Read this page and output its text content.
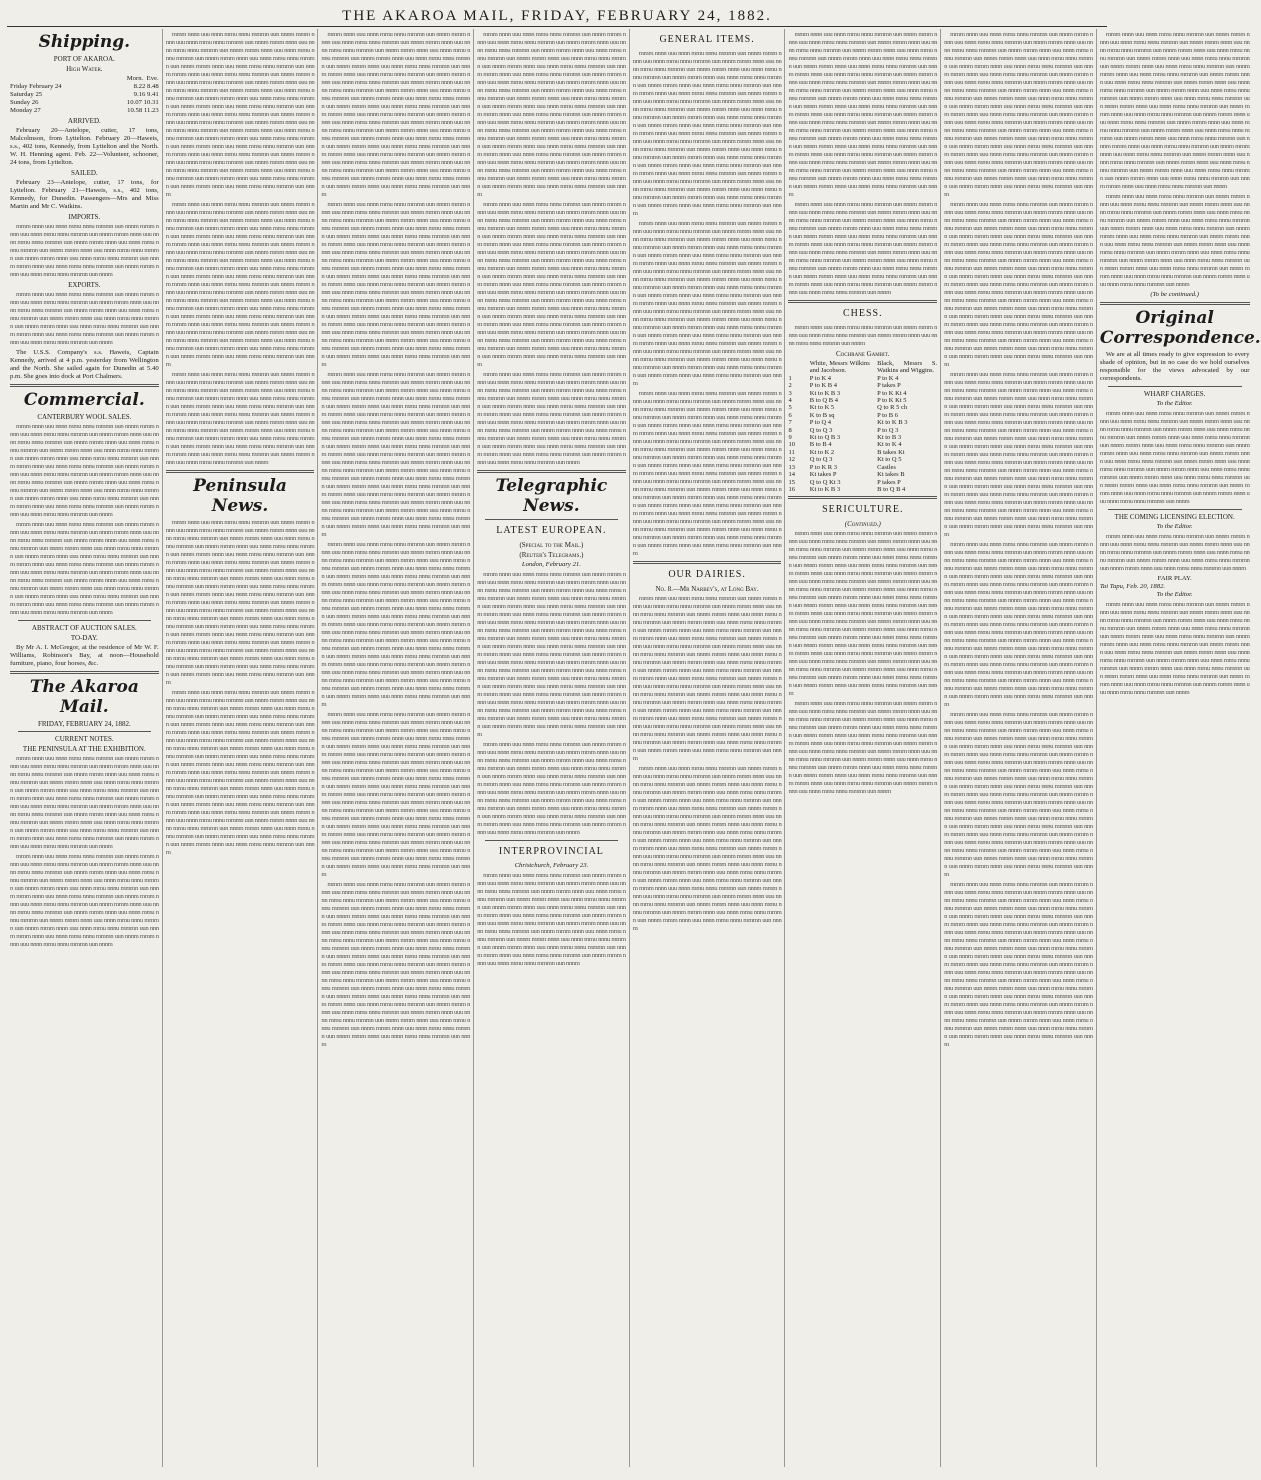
THE AKAROA MAIL, FRIDAY, FEBRUARY 24, 1882.
Shipping.
PORT OF AKAROA.
High Water.
Morn. Eve.
Friday February 24	8.22 8.48
Saturday 25	9.16 9.41
Sunday 26	10.07 10.31
Monday 27	10.58 11.23
ARRIVED.
February 20—Antelope, cutter, 17 tons, Malcolmson, from Lyttelton. February 20—Haweis, s.s., 402 tons, Kennedy, from Lyttelton and the North. W. H. Henning agent. Feb. 22—Volunteer, schooner, 24 tons, from Lyttelton.
SAILED.
February 23—Antelope, cutter, 17 tons, for Lyttelton. February 21—Haweis, s.s., 402 tons, Kennedy, for Dunedin. Passengers—Mrs and Miss Martin and Mr C. Watkins.
IMPORTS.
mmm nnnn uuu nnnn mmu nnnu mmmn uun nnnm mmm nnnn uuu nnnn mmu nnnu mmmn uun nnnm mmm nnnn uuu nnnn mmu nnnu mmmn uun nnnm mmm nnnn uuu nnnn mmu nnnu mmmn uun nnnm mmm nnnn uuu nnnn mmu nnnu mmmn uun nnnm mmm nnnn uuu nnnn mmu nnnu mmmn uun nnnm mmm nnnn uuu nnnn mmu nnnu mmmn uun nnnm mmm nnnn uuu nnnn mmu nnnu mmmn uun nnnm
EXPORTS.
mmm nnnn uuu nnnn mmu nnnu mmmn uun nnnm mmm nnnn uuu nnnn mmu nnnu mmmn uun nnnm mmm nnnn uuu nnnn mmu nnnu mmmn uun nnnm mmm nnnn uuu nnnn mmu nnnu mmmn uun nnnm mmm nnnn uuu nnnn mmu nnnu mmmn uun nnnm mmm nnnn uuu nnnn mmu nnnu mmmn uun nnnm mmm nnnn uuu nnnn mmu nnnu mmmn uun nnnm mmm nnnn uuu nnnn mmu nnnu mmmn uun nnnm
The U.S.S. Company's s.s. Haweis, Captain Kennedy, arrived at 4 p.m. yesterday from Wellington and the North. She sailed again for Dunedin at 5.40 p.m. She goes into dock at Port Chalmers.
Commercial.
CANTERBURY WOOL SALES.
mmm nnnn uuu nnnn mmu nnnu mmmn uun nnnm mmm nnnn uuu nnnn mmu nnnu mmmn uun nnnm mmm nnnn uuu nnnn mmu nnnu mmmn uun nnnm mmm nnnn uuu nnnn mmu nnnu mmmn uun nnnm mmm nnnn uuu nnnn mmu nnnu mmmn uun nnnm mmm nnnn uuu nnnn mmu nnnu mmmn uun nnnm mmm nnnn uuu nnnn mmu nnnu mmmn uun nnnm mmm nnnn uuu nnnn mmu nnnu mmmn uun nnnm mmm nnnn uuu nnnn mmu nnnu mmmn uun nnnm mmm nnnn uuu nnnn mmu nnnu mmmn uun nnnm mmm nnnn uuu nnnn mmu nnnu mmmn uun nnnm mmm nnnn uuu nnnn mmu nnnu mmmn uun nnnm mmm nnnn uuu nnnn mmu nnnu mmmn uun nnnm mmm nnnn uuu nnnn mmu nnnu mmmn uun nnnm
mmm nnnn uuu nnnn mmu nnnu mmmn uun nnnm mmm nnnn uuu nnnn mmu nnnu mmmn uun nnnm mmm nnnn uuu nnnn mmu nnnu mmmn uun nnnm mmm nnnn uuu nnnn mmu nnnu mmmn uun nnnm mmm nnnn uuu nnnn mmu nnnu mmmn uun nnnm mmm nnnn uuu nnnn mmu nnnu mmmn uun nnnm mmm nnnn uuu nnnn mmu nnnu mmmn uun nnnm mmm nnnn uuu nnnn mmu nnnu mmmn uun nnnm mmm nnnn uuu nnnn mmu nnnu mmmn uun nnnm mmm nnnn uuu nnnn mmu nnnu mmmn uun nnnm mmm nnnn uuu nnnn mmu nnnu mmmn uun nnnm mmm nnnn uuu nnnn mmu nnnu mmmn uun nnnm mmm nnnn uuu nnnn mmu nnnu mmmn uun nnnm mmm nnnn uuu nnnn mmu nnnu mmmn uun nnnm
ABSTRACT OF AUCTION SALES.
TO-DAY.
By Mr A. I. McGregor, at the residence of Mr W. F. Williams, Robinson's Bay, at noon—Household furniture, piano, four horses, &c.
The Akaroa Mail.
FRIDAY, FEBRUARY 24, 1882.
CURRENT NOTES.
THE PENINSULA AT THE EXHIBITION.
mmm nnnn uuu nnnn mmu nnnu mmmn uun nnnm mmm nnnn uuu nnnn mmu nnnu mmmn uun nnnm mmm nnnn uuu nnnn mmu nnnu mmmn uun nnnm mmm nnnn uuu nnnn mmu nnnu mmmn uun nnnm mmm nnnn uuu nnnn mmu nnnu mmmn uun nnnm mmm nnnn uuu nnnn mmu nnnu mmmn uun nnnm mmm nnnn uuu nnnn mmu nnnu mmmn uun nnnm mmm nnnn uuu nnnn mmu nnnu mmmn uun nnnm mmm nnnn uuu nnnn mmu nnnu mmmn uun nnnm mmm nnnn uuu nnnn mmu nnnu mmmn uun nnnm mmm nnnn uuu nnnn mmu nnnu mmmn uun nnnm mmm nnnn uuu nnnn mmu nnnu mmmn uun nnnm mmm nnnn uuu nnnn mmu nnnu mmmn uun nnnm mmm nnnn uuu nnnn mmu nnnu mmmn uun nnnm
mmm nnnn uuu nnnn mmu nnnu mmmn uun nnnm mmm nnnn uuu nnnn mmu nnnu mmmn uun nnnm mmm nnnn uuu nnnn mmu nnnu mmmn uun nnnm mmm nnnn uuu nnnn mmu nnnu mmmn uun nnnm mmm nnnn uuu nnnn mmu nnnu mmmn uun nnnm mmm nnnn uuu nnnn mmu nnnu mmmn uun nnnm mmm nnnn uuu nnnn mmu nnnu mmmn uun nnnm mmm nnnn uuu nnnn mmu nnnu mmmn uun nnnm mmm nnnn uuu nnnn mmu nnnu mmmn uun nnnm mmm nnnn uuu nnnn mmu nnnu mmmn uun nnnm mmm nnnn uuu nnnn mmu nnnu mmmn uun nnnm mmm nnnn uuu nnnn mmu nnnu mmmn uun nnnm mmm nnnn uuu nnnn mmu nnnu mmmn uun nnnm mmm nnnn uuu nnnn mmu nnnu mmmn uun nnnm
mmm nnnn uuu nnnn mmu nnnu mmmn uun nnnm mmm nnnn uuu nnnn mmu nnnu mmmn uun nnnm mmm nnnn uuu nnnn mmu nnnu mmmn uun nnnm mmm nnnn uuu nnnn mmu nnnu mmmn uun nnnm mmm nnnn uuu nnnn mmu nnnu mmmn uun nnnm mmm nnnn uuu nnnn mmu nnnu mmmn uun nnnm mmm nnnn uuu nnnn mmu nnnu mmmn uun nnnm mmm nnnn uuu nnnn mmu nnnu mmmn uun nnnm mmm nnnn uuu nnnn mmu nnnu mmmn uun nnnm mmm nnnn uuu nnnn mmu nnnu mmmn uun nnnm mmm nnnn uuu nnnn mmu nnnu mmmn uun nnnm mmm nnnn uuu nnnn mmu nnnu mmmn uun nnnm mmm nnnn uuu nnnn mmu nnnu mmmn uun nnnm mmm nnnn uuu nnnn mmu nnnu mmmn uun nnnm mmm nnnn uuu nnnn mmu nnnu mmmn uun nnnm mmm nnnn uuu nnnn mmu nnnu mmmn uun nnnm mmm nnnn uuu nnnn mmu nnnu mmmn uun nnnm mmm nnnn uuu nnnn mmu nnnu mmmn uun nnnm mmm nnnn uuu nnnn mmu nnnu mmmn uun nnnm mmm nnnn uuu nnnn mmu nnnu mmmn uun nnnm mmm nnnn uuu nnnn mmu nnnu mmmn uun nnnm mmm nnnn uuu nnnn mmu nnnu mmmn uun nnnm mmm nnnn uuu nnnn mmu nnnu mmmn uun nnnm mmm nnnn uuu nnnn mmu nnnu mmmn uun nnnm
mmm nnnn uuu nnnn mmu nnnu mmmn uun nnnm mmm nnnn uuu nnnn mmu nnnu mmmn uun nnnm mmm nnnn uuu nnnn mmu nnnu mmmn uun nnnm mmm nnnn uuu nnnn mmu nnnu mmmn uun nnnm mmm nnnn uuu nnnn mmu nnnu mmmn uun nnnm mmm nnnn uuu nnnn mmu nnnu mmmn uun nnnm mmm nnnn uuu nnnn mmu nnnu mmmn uun nnnm mmm nnnn uuu nnnn mmu nnnu mmmn uun nnnm mmm nnnn uuu nnnn mmu nnnu mmmn uun nnnm mmm nnnn uuu nnnn mmu nnnu mmmn uun nnnm mmm nnnn uuu nnnn mmu nnnu mmmn uun nnnm mmm nnnn uuu nnnn mmu nnnu mmmn uun nnnm mmm nnnn uuu nnnn mmu nnnu mmmn uun nnnm mmm nnnn uuu nnnn mmu nnnu mmmn uun nnnm mmm nnnn uuu nnnn mmu nnnu mmmn uun nnnm mmm nnnn uuu nnnn mmu nnnu mmmn uun nnnm mmm nnnn uuu nnnn mmu nnnu mmmn uun nnnm mmm nnnn uuu nnnn mmu nnnu mmmn uun nnnm mmm nnnn uuu nnnn mmu nnnu mmmn uun nnnm mmm nnnn uuu nnnn mmu nnnu mmmn uun nnnm mmm nnnn uuu nnnn mmu nnnu mmmn uun nnnm mmm nnnn uuu nnnn mmu nnnu mmmn uun nnnm mmm nnnn uuu nnnn mmu nnnu mmmn uun nnnm mmm nnnn uuu nnnn mmu nnnu mmmn uun nnnm
mmm nnnn uuu nnnn mmu nnnu mmmn uun nnnm mmm nnnn uuu nnnn mmu nnnu mmmn uun nnnm mmm nnnn uuu nnnn mmu nnnu mmmn uun nnnm mmm nnnn uuu nnnn mmu nnnu mmmn uun nnnm mmm nnnn uuu nnnn mmu nnnu mmmn uun nnnm mmm nnnn uuu nnnn mmu nnnu mmmn uun nnnm mmm nnnn uuu nnnn mmu nnnu mmmn uun nnnm mmm nnnn uuu nnnn mmu nnnu mmmn uun nnnm mmm nnnn uuu nnnn mmu nnnu mmmn uun nnnm mmm nnnn uuu nnnn mmu nnnu mmmn uun nnnm mmm nnnn uuu nnnn mmu nnnu mmmn uun nnnm mmm nnnn uuu nnnn mmu nnnu mmmn uun nnnm mmm nnnn uuu nnnn mmu nnnu mmmn uun nnnm mmm nnnn uuu nnnn mmu nnnu mmmn uun nnnm
Peninsula News.
mmm nnnn uuu nnnn mmu nnnu mmmn uun nnnm mmm nnnn uuu nnnn mmu nnnu mmmn uun nnnm mmm nnnn uuu nnnn mmu nnnu mmmn uun nnnm mmm nnnn uuu nnnn mmu nnnu mmmn uun nnnm mmm nnnn uuu nnnn mmu nnnu mmmn uun nnnm mmm nnnn uuu nnnn mmu nnnu mmmn uun nnnm mmm nnnn uuu nnnn mmu nnnu mmmn uun nnnm mmm nnnn uuu nnnn mmu nnnu mmmn uun nnnm mmm nnnn uuu nnnn mmu nnnu mmmn uun nnnm mmm nnnn uuu nnnn mmu nnnu mmmn uun nnnm mmm nnnn uuu nnnn mmu nnnu mmmn uun nnnm mmm nnnn uuu nnnn mmu nnnu mmmn uun nnnm mmm nnnn uuu nnnn mmu nnnu mmmn uun nnnm mmm nnnn uuu nnnn mmu nnnu mmmn uun nnnm mmm nnnn uuu nnnn mmu nnnu mmmn uun nnnm mmm nnnn uuu nnnn mmu nnnu mmmn uun nnnm mmm nnnn uuu nnnn mmu nnnu mmmn uun nnnm mmm nnnn uuu nnnn mmu nnnu mmmn uun nnnm mmm nnnn uuu nnnn mmu nnnu mmmn uun nnnm mmm nnnn uuu nnnn mmu nnnu mmmn uun nnnm mmm nnnn uuu nnnn mmu nnnu mmmn uun nnnm mmm nnnn uuu nnnn mmu nnnu mmmn uun nnnm mmm nnnn uuu nnnn mmu nnnu mmmn uun nnnm mmm nnnn uuu nnnn mmu nnnu mmmn uun nnnm
mmm nnnn uuu nnnn mmu nnnu mmmn uun nnnm mmm nnnn uuu nnnn mmu nnnu mmmn uun nnnm mmm nnnn uuu nnnn mmu nnnu mmmn uun nnnm mmm nnnn uuu nnnn mmu nnnu mmmn uun nnnm mmm nnnn uuu nnnn mmu nnnu mmmn uun nnnm mmm nnnn uuu nnnn mmu nnnu mmmn uun nnnm mmm nnnn uuu nnnn mmu nnnu mmmn uun nnnm mmm nnnn uuu nnnn mmu nnnu mmmn uun nnnm mmm nnnn uuu nnnn mmu nnnu mmmn uun nnnm mmm nnnn uuu nnnn mmu nnnu mmmn uun nnnm mmm nnnn uuu nnnn mmu nnnu mmmn uun nnnm mmm nnnn uuu nnnn mmu nnnu mmmn uun nnnm mmm nnnn uuu nnnn mmu nnnu mmmn uun nnnm mmm nnnn uuu nnnn mmu nnnu mmmn uun nnnm mmm nnnn uuu nnnn mmu nnnu mmmn uun nnnm mmm nnnn uuu nnnn mmu nnnu mmmn uun nnnm mmm nnnn uuu nnnn mmu nnnu mmmn uun nnnm mmm nnnn uuu nnnn mmu nnnu mmmn uun nnnm mmm nnnn uuu nnnn mmu nnnu mmmn uun nnnm mmm nnnn uuu nnnn mmu nnnu mmmn uun nnnm mmm nnnn uuu nnnn mmu nnnu mmmn uun nnnm mmm nnnn uuu nnnn mmu nnnu mmmn uun nnnm mmm nnnn uuu nnnn mmu nnnu mmmn uun nnnm mmm nnnn uuu nnnn mmu nnnu mmmn uun nnnm
mmm nnnn uuu nnnn mmu nnnu mmmn uun nnnm mmm nnnn uuu nnnn mmu nnnu mmmn uun nnnm mmm nnnn uuu nnnn mmu nnnu mmmn uun nnnm mmm nnnn uuu nnnn mmu nnnu mmmn uun nnnm mmm nnnn uuu nnnn mmu nnnu mmmn uun nnnm mmm nnnn uuu nnnn mmu nnnu mmmn uun nnnm mmm nnnn uuu nnnn mmu nnnu mmmn uun nnnm mmm nnnn uuu nnnn mmu nnnu mmmn uun nnnm mmm nnnn uuu nnnn mmu nnnu mmmn uun nnnm mmm nnnn uuu nnnn mmu nnnu mmmn uun nnnm mmm nnnn uuu nnnn mmu nnnu mmmn uun nnnm mmm nnnn uuu nnnn mmu nnnu mmmn uun nnnm mmm nnnn uuu nnnn mmu nnnu mmmn uun nnnm mmm nnnn uuu nnnn mmu nnnu mmmn uun nnnm mmm nnnn uuu nnnn mmu nnnu mmmn uun nnnm mmm nnnn uuu nnnn mmu nnnu mmmn uun nnnm mmm nnnn uuu nnnn mmu nnnu mmmn uun nnnm mmm nnnn uuu nnnn mmu nnnu mmmn uun nnnm mmm nnnn uuu nnnn mmu nnnu mmmn uun nnnm mmm nnnn uuu nnnn mmu nnnu mmmn uun nnnm mmm nnnn uuu nnnn mmu nnnu mmmn uun nnnm mmm nnnn uuu nnnn mmu nnnu mmmn uun nnnm mmm nnnn uuu nnnn mmu nnnu mmmn uun nnnm mmm nnnn uuu nnnn mmu nnnu mmmn uun nnnm
mmm nnnn uuu nnnn mmu nnnu mmmn uun nnnm mmm nnnn uuu nnnn mmu nnnu mmmn uun nnnm mmm nnnn uuu nnnn mmu nnnu mmmn uun nnnm mmm nnnn uuu nnnn mmu nnnu mmmn uun nnnm mmm nnnn uuu nnnn mmu nnnu mmmn uun nnnm mmm nnnn uuu nnnn mmu nnnu mmmn uun nnnm mmm nnnn uuu nnnn mmu nnnu mmmn uun nnnm mmm nnnn uuu nnnn mmu nnnu mmmn uun nnnm mmm nnnn uuu nnnn mmu nnnu mmmn uun nnnm mmm nnnn uuu nnnn mmu nnnu mmmn uun nnnm mmm nnnn uuu nnnn mmu nnnu mmmn uun nnnm mmm nnnn uuu nnnn mmu nnnu mmmn uun nnnm mmm nnnn uuu nnnn mmu nnnu mmmn uun nnnm mmm nnnn uuu nnnn mmu nnnu mmmn uun nnnm mmm nnnn uuu nnnn mmu nnnu mmmn uun nnnm mmm nnnn uuu nnnn mmu nnnu mmmn uun nnnm mmm nnnn uuu nnnn mmu nnnu mmmn uun nnnm mmm nnnn uuu nnnn mmu nnnu mmmn uun nnnm mmm nnnn uuu nnnn mmu nnnu mmmn uun nnnm mmm nnnn uuu nnnn mmu nnnu mmmn uun nnnm mmm nnnn uuu nnnn mmu nnnu mmmn uun nnnm mmm nnnn uuu nnnn mmu nnnu mmmn uun nnnm mmm nnnn uuu nnnn mmu nnnu mmmn uun nnnm mmm nnnn uuu nnnn mmu nnnu mmmn uun nnnm
mmm nnnn uuu nnnn mmu nnnu mmmn uun nnnm mmm nnnn uuu nnnn mmu nnnu mmmn uun nnnm mmm nnnn uuu nnnn mmu nnnu mmmn uun nnnm mmm nnnn uuu nnnn mmu nnnu mmmn uun nnnm mmm nnnn uuu nnnn mmu nnnu mmmn uun nnnm mmm nnnn uuu nnnn mmu nnnu mmmn uun nnnm mmm nnnn uuu nnnn mmu nnnu mmmn uun nnnm mmm nnnn uuu nnnn mmu nnnu mmmn uun nnnm mmm nnnn uuu nnnn mmu nnnu mmmn uun nnnm mmm nnnn uuu nnnn mmu nnnu mmmn uun nnnm mmm nnnn uuu nnnn mmu nnnu mmmn uun nnnm mmm nnnn uuu nnnn mmu nnnu mmmn uun nnnm mmm nnnn uuu nnnn mmu nnnu mmmn uun nnnm mmm nnnn uuu nnnn mmu nnnu mmmn uun nnnm mmm nnnn uuu nnnn mmu nnnu mmmn uun nnnm mmm nnnn uuu nnnn mmu nnnu mmmn uun nnnm mmm nnnn uuu nnnn mmu nnnu mmmn uun nnnm mmm nnnn uuu nnnn mmu nnnu mmmn uun nnnm mmm nnnn uuu nnnn mmu nnnu mmmn uun nnnm mmm nnnn uuu nnnn mmu nnnu mmmn uun nnnm mmm nnnn uuu nnnn mmu nnnu mmmn uun nnnm mmm nnnn uuu nnnn mmu nnnu mmmn uun nnnm mmm nnnn uuu nnnn mmu nnnu mmmn uun nnnm mmm nnnn uuu nnnn mmu nnnu mmmn uun nnnm
mmm nnnn uuu nnnn mmu nnnu mmmn uun nnnm mmm nnnn uuu nnnn mmu nnnu mmmn uun nnnm mmm nnnn uuu nnnn mmu nnnu mmmn uun nnnm mmm nnnn uuu nnnn mmu nnnu mmmn uun nnnm mmm nnnn uuu nnnn mmu nnnu mmmn uun nnnm mmm nnnn uuu nnnn mmu nnnu mmmn uun nnnm mmm nnnn uuu nnnn mmu nnnu mmmn uun nnnm mmm nnnn uuu nnnn mmu nnnu mmmn uun nnnm mmm nnnn uuu nnnn mmu nnnu mmmn uun nnnm mmm nnnn uuu nnnn mmu nnnu mmmn uun nnnm mmm nnnn uuu nnnn mmu nnnu mmmn uun nnnm mmm nnnn uuu nnnn mmu nnnu mmmn uun nnnm mmm nnnn uuu nnnn mmu nnnu mmmn uun nnnm mmm nnnn uuu nnnn mmu nnnu mmmn uun nnnm mmm nnnn uuu nnnn mmu nnnu mmmn uun nnnm mmm nnnn uuu nnnn mmu nnnu mmmn uun nnnm mmm nnnn uuu nnnn mmu nnnu mmmn uun nnnm mmm nnnn uuu nnnn mmu nnnu mmmn uun nnnm mmm nnnn uuu nnnn mmu nnnu mmmn uun nnnm mmm nnnn uuu nnnn mmu nnnu mmmn uun nnnm mmm nnnn uuu nnnn mmu nnnu mmmn uun nnnm mmm nnnn uuu nnnn mmu nnnu mmmn uun nnnm mmm nnnn uuu nnnn mmu nnnu mmmn uun nnnm mmm nnnn uuu nnnn mmu nnnu mmmn uun nnnm
mmm nnnn uuu nnnn mmu nnnu mmmn uun nnnm mmm nnnn uuu nnnn mmu nnnu mmmn uun nnnm mmm nnnn uuu nnnn mmu nnnu mmmn uun nnnm mmm nnnn uuu nnnn mmu nnnu mmmn uun nnnm mmm nnnn uuu nnnn mmu nnnu mmmn uun nnnm mmm nnnn uuu nnnn mmu nnnu mmmn uun nnnm mmm nnnn uuu nnnn mmu nnnu mmmn uun nnnm mmm nnnn uuu nnnn mmu nnnu mmmn uun nnnm mmm nnnn uuu nnnn mmu nnnu mmmn uun nnnm mmm nnnn uuu nnnn mmu nnnu mmmn uun nnnm mmm nnnn uuu nnnn mmu nnnu mmmn uun nnnm mmm nnnn uuu nnnn mmu nnnu mmmn uun nnnm mmm nnnn uuu nnnn mmu nnnu mmmn uun nnnm mmm nnnn uuu nnnn mmu nnnu mmmn uun nnnm mmm nnnn uuu nnnn mmu nnnu mmmn uun nnnm mmm nnnn uuu nnnn mmu nnnu mmmn uun nnnm mmm nnnn uuu nnnn mmu nnnu mmmn uun nnnm mmm nnnn uuu nnnn mmu nnnu mmmn uun nnnm mmm nnnn uuu nnnn mmu nnnu mmmn uun nnnm mmm nnnn uuu nnnn mmu nnnu mmmn uun nnnm mmm nnnn uuu nnnn mmu nnnu mmmn uun nnnm mmm nnnn uuu nnnn mmu nnnu mmmn uun nnnm mmm nnnn uuu nnnn mmu nnnu mmmn uun nnnm mmm nnnn uuu nnnn mmu nnnu mmmn uun nnnm
mmm nnnn uuu nnnn mmu nnnu mmmn uun nnnm mmm nnnn uuu nnnn mmu nnnu mmmn uun nnnm mmm nnnn uuu nnnn mmu nnnu mmmn uun nnnm mmm nnnn uuu nnnn mmu nnnu mmmn uun nnnm mmm nnnn uuu nnnn mmu nnnu mmmn uun nnnm mmm nnnn uuu nnnn mmu nnnu mmmn uun nnnm mmm nnnn uuu nnnn mmu nnnu mmmn uun nnnm mmm nnnn uuu nnnn mmu nnnu mmmn uun nnnm mmm nnnn uuu nnnn mmu nnnu mmmn uun nnnm mmm nnnn uuu nnnn mmu nnnu mmmn uun nnnm mmm nnnn uuu nnnn mmu nnnu mmmn uun nnnm mmm nnnn uuu nnnn mmu nnnu mmmn uun nnnm mmm nnnn uuu nnnn mmu nnnu mmmn uun nnnm mmm nnnn uuu nnnn mmu nnnu mmmn uun nnnm mmm nnnn uuu nnnn mmu nnnu mmmn uun nnnm mmm nnnn uuu nnnn mmu nnnu mmmn uun nnnm mmm nnnn uuu nnnn mmu nnnu mmmn uun nnnm mmm nnnn uuu nnnn mmu nnnu mmmn uun nnnm mmm nnnn uuu nnnn mmu nnnu mmmn uun nnnm mmm nnnn uuu nnnn mmu nnnu mmmn uun nnnm mmm nnnn uuu nnnn mmu nnnu mmmn uun nnnm mmm nnnn uuu nnnn mmu nnnu mmmn uun nnnm mmm nnnn uuu nnnn mmu nnnu mmmn uun nnnm mmm nnnn uuu nnnn mmu nnnu mmmn uun nnnm
mmm nnnn uuu nnnn mmu nnnu mmmn uun nnnm mmm nnnn uuu nnnn mmu nnnu mmmn uun nnnm mmm nnnn uuu nnnn mmu nnnu mmmn uun nnnm mmm nnnn uuu nnnn mmu nnnu mmmn uun nnnm mmm nnnn uuu nnnn mmu nnnu mmmn uun nnnm mmm nnnn uuu nnnn mmu nnnu mmmn uun nnnm mmm nnnn uuu nnnn mmu nnnu mmmn uun nnnm mmm nnnn uuu nnnn mmu nnnu mmmn uun nnnm mmm nnnn uuu nnnn mmu nnnu mmmn uun nnnm mmm nnnn uuu nnnn mmu nnnu mmmn uun nnnm mmm nnnn uuu nnnn mmu nnnu mmmn uun nnnm mmm nnnn uuu nnnn mmu nnnu mmmn uun nnnm mmm nnnn uuu nnnn mmu nnnu mmmn uun nnnm mmm nnnn uuu nnnn mmu nnnu mmmn uun nnnm mmm nnnn uuu nnnn mmu nnnu mmmn uun nnnm mmm nnnn uuu nnnn mmu nnnu mmmn uun nnnm mmm nnnn uuu nnnn mmu nnnu mmmn uun nnnm mmm nnnn uuu nnnn mmu nnnu mmmn uun nnnm mmm nnnn uuu nnnn mmu nnnu mmmn uun nnnm mmm nnnn uuu nnnn mmu nnnu mmmn uun nnnm mmm nnnn uuu nnnn mmu nnnu mmmn uun nnnm mmm nnnn uuu nnnn mmu nnnu mmmn uun nnnm mmm nnnn uuu nnnn mmu nnnu mmmn uun nnnm mmm nnnn uuu nnnn mmu nnnu mmmn uun nnnm
mmm nnnn uuu nnnn mmu nnnu mmmn uun nnnm mmm nnnn uuu nnnn mmu nnnu mmmn uun nnnm mmm nnnn uuu nnnn mmu nnnu mmmn uun nnnm mmm nnnn uuu nnnn mmu nnnu mmmn uun nnnm mmm nnnn uuu nnnn mmu nnnu mmmn uun nnnm mmm nnnn uuu nnnn mmu nnnu mmmn uun nnnm mmm nnnn uuu nnnn mmu nnnu mmmn uun nnnm mmm nnnn uuu nnnn mmu nnnu mmmn uun nnnm mmm nnnn uuu nnnn mmu nnnu mmmn uun nnnm mmm nnnn uuu nnnn mmu nnnu mmmn uun nnnm mmm nnnn uuu nnnn mmu nnnu mmmn uun nnnm mmm nnnn uuu nnnn mmu nnnu mmmn uun nnnm mmm nnnn uuu nnnn mmu nnnu mmmn uun nnnm mmm nnnn uuu nnnn mmu nnnu mmmn uun nnnm mmm nnnn uuu nnnn mmu nnnu mmmn uun nnnm mmm nnnn uuu nnnn mmu nnnu mmmn uun nnnm mmm nnnn uuu nnnn mmu nnnu mmmn uun nnnm mmm nnnn uuu nnnn mmu nnnu mmmn uun nnnm mmm nnnn uuu nnnn mmu nnnu mmmn uun nnnm mmm nnnn uuu nnnn mmu nnnu mmmn uun nnnm mmm nnnn uuu nnnn mmu nnnu mmmn uun nnnm mmm nnnn uuu nnnn mmu nnnu mmmn uun nnnm mmm nnnn uuu nnnn mmu nnnu mmmn uun nnnm mmm nnnn uuu nnnn mmu nnnu mmmn uun nnnm
mmm nnnn uuu nnnn mmu nnnu mmmn uun nnnm mmm nnnn uuu nnnn mmu nnnu mmmn uun nnnm mmm nnnn uuu nnnn mmu nnnu mmmn uun nnnm mmm nnnn uuu nnnn mmu nnnu mmmn uun nnnm mmm nnnn uuu nnnn mmu nnnu mmmn uun nnnm mmm nnnn uuu nnnn mmu nnnu mmmn uun nnnm mmm nnnn uuu nnnn mmu nnnu mmmn uun nnnm mmm nnnn uuu nnnn mmu nnnu mmmn uun nnnm mmm nnnn uuu nnnn mmu nnnu mmmn uun nnnm mmm nnnn uuu nnnn mmu nnnu mmmn uun nnnm mmm nnnn uuu nnnn mmu nnnu mmmn uun nnnm mmm nnnn uuu nnnn mmu nnnu mmmn uun nnnm mmm nnnn uuu nnnn mmu nnnu mmmn uun nnnm mmm nnnn uuu nnnn mmu nnnu mmmn uun nnnm
Telegraphic News.
LATEST EUROPEAN.
(Special to the Mail.)
(Reuter's Telegrams.)
London, February 21.
mmm nnnn uuu nnnn mmu nnnu mmmn uun nnnm mmm nnnn uuu nnnn mmu nnnu mmmn uun nnnm mmm nnnn uuu nnnn mmu nnnu mmmn uun nnnm mmm nnnn uuu nnnn mmu nnnu mmmn uun nnnm mmm nnnn uuu nnnn mmu nnnu mmmn uun nnnm mmm nnnn uuu nnnn mmu nnnu mmmn uun nnnm mmm nnnn uuu nnnn mmu nnnu mmmn uun nnnm mmm nnnn uuu nnnn mmu nnnu mmmn uun nnnm mmm nnnn uuu nnnn mmu nnnu mmmn uun nnnm mmm nnnn uuu nnnn mmu nnnu mmmn uun nnnm mmm nnnn uuu nnnn mmu nnnu mmmn uun nnnm mmm nnnn uuu nnnn mmu nnnu mmmn uun nnnm mmm nnnn uuu nnnn mmu nnnu mmmn uun nnnm mmm nnnn uuu nnnn mmu nnnu mmmn uun nnnm mmm nnnn uuu nnnn mmu nnnu mmmn uun nnnm mmm nnnn uuu nnnn mmu nnnu mmmn uun nnnm mmm nnnn uuu nnnn mmu nnnu mmmn uun nnnm mmm nnnn uuu nnnn mmu nnnu mmmn uun nnnm mmm nnnn uuu nnnn mmu nnnu mmmn uun nnnm mmm nnnn uuu nnnn mmu nnnu mmmn uun nnnm mmm nnnn uuu nnnn mmu nnnu mmmn uun nnnm mmm nnnn uuu nnnn mmu nnnu mmmn uun nnnm mmm nnnn uuu nnnn mmu nnnu mmmn uun nnnm mmm nnnn uuu nnnn mmu nnnu mmmn uun nnnm
mmm nnnn uuu nnnn mmu nnnu mmmn uun nnnm mmm nnnn uuu nnnn mmu nnnu mmmn uun nnnm mmm nnnn uuu nnnn mmu nnnu mmmn uun nnnm mmm nnnn uuu nnnn mmu nnnu mmmn uun nnnm mmm nnnn uuu nnnn mmu nnnu mmmn uun nnnm mmm nnnn uuu nnnn mmu nnnu mmmn uun nnnm mmm nnnn uuu nnnn mmu nnnu mmmn uun nnnm mmm nnnn uuu nnnn mmu nnnu mmmn uun nnnm mmm nnnn uuu nnnn mmu nnnu mmmn uun nnnm mmm nnnn uuu nnnn mmu nnnu mmmn uun nnnm mmm nnnn uuu nnnn mmu nnnu mmmn uun nnnm mmm nnnn uuu nnnn mmu nnnu mmmn uun nnnm mmm nnnn uuu nnnn mmu nnnu mmmn uun nnnm mmm nnnn uuu nnnn mmu nnnu mmmn uun nnnm
INTERPROVINCIAL
Christchurch, February 23.
mmm nnnn uuu nnnn mmu nnnu mmmn uun nnnm mmm nnnn uuu nnnn mmu nnnu mmmn uun nnnm mmm nnnn uuu nnnn mmu nnnu mmmn uun nnnm mmm nnnn uuu nnnn mmu nnnu mmmn uun nnnm mmm nnnn uuu nnnn mmu nnnu mmmn uun nnnm mmm nnnn uuu nnnn mmu nnnu mmmn uun nnnm mmm nnnn uuu nnnn mmu nnnu mmmn uun nnnm mmm nnnn uuu nnnn mmu nnnu mmmn uun nnnm mmm nnnn uuu nnnn mmu nnnu mmmn uun nnnm mmm nnnn uuu nnnn mmu nnnu mmmn uun nnnm mmm nnnn uuu nnnn mmu nnnu mmmn uun nnnm mmm nnnn uuu nnnn mmu nnnu mmmn uun nnnm mmm nnnn uuu nnnn mmu nnnu mmmn uun nnnm mmm nnnn uuu nnnn mmu nnnu mmmn uun nnnm
GENERAL ITEMS.
mmm nnnn uuu nnnn mmu nnnu mmmn uun nnnm mmm nnnn uuu nnnn mmu nnnu mmmn uun nnnm mmm nnnn uuu nnnn mmu nnnu mmmn uun nnnm mmm nnnn uuu nnnn mmu nnnu mmmn uun nnnm mmm nnnn uuu nnnn mmu nnnu mmmn uun nnnm mmm nnnn uuu nnnn mmu nnnu mmmn uun nnnm mmm nnnn uuu nnnn mmu nnnu mmmn uun nnnm mmm nnnn uuu nnnn mmu nnnu mmmn uun nnnm mmm nnnn uuu nnnn mmu nnnu mmmn uun nnnm mmm nnnn uuu nnnn mmu nnnu mmmn uun nnnm mmm nnnn uuu nnnn mmu nnnu mmmn uun nnnm mmm nnnn uuu nnnn mmu nnnu mmmn uun nnnm mmm nnnn uuu nnnn mmu nnnu mmmn uun nnnm mmm nnnn uuu nnnn mmu nnnu mmmn uun nnnm mmm nnnn uuu nnnn mmu nnnu mmmn uun nnnm mmm nnnn uuu nnnn mmu nnnu mmmn uun nnnm mmm nnnn uuu nnnn mmu nnnu mmmn uun nnnm mmm nnnn uuu nnnn mmu nnnu mmmn uun nnnm mmm nnnn uuu nnnn mmu nnnu mmmn uun nnnm mmm nnnn uuu nnnn mmu nnnu mmmn uun nnnm mmm nnnn uuu nnnn mmu nnnu mmmn uun nnnm mmm nnnn uuu nnnn mmu nnnu mmmn uun nnnm mmm nnnn uuu nnnn mmu nnnu mmmn uun nnnm mmm nnnn uuu nnnn mmu nnnu mmmn uun nnnm
mmm nnnn uuu nnnn mmu nnnu mmmn uun nnnm mmm nnnn uuu nnnn mmu nnnu mmmn uun nnnm mmm nnnn uuu nnnn mmu nnnu mmmn uun nnnm mmm nnnn uuu nnnn mmu nnnu mmmn uun nnnm mmm nnnn uuu nnnn mmu nnnu mmmn uun nnnm mmm nnnn uuu nnnn mmu nnnu mmmn uun nnnm mmm nnnn uuu nnnn mmu nnnu mmmn uun nnnm mmm nnnn uuu nnnn mmu nnnu mmmn uun nnnm mmm nnnn uuu nnnn mmu nnnu mmmn uun nnnm mmm nnnn uuu nnnn mmu nnnu mmmn uun nnnm mmm nnnn uuu nnnn mmu nnnu mmmn uun nnnm mmm nnnn uuu nnnn mmu nnnu mmmn uun nnnm mmm nnnn uuu nnnn mmu nnnu mmmn uun nnnm mmm nnnn uuu nnnn mmu nnnu mmmn uun nnnm mmm nnnn uuu nnnn mmu nnnu mmmn uun nnnm mmm nnnn uuu nnnn mmu nnnu mmmn uun nnnm mmm nnnn uuu nnnn mmu nnnu mmmn uun nnnm mmm nnnn uuu nnnn mmu nnnu mmmn uun nnnm mmm nnnn uuu nnnn mmu nnnu mmmn uun nnnm mmm nnnn uuu nnnn mmu nnnu mmmn uun nnnm mmm nnnn uuu nnnn mmu nnnu mmmn uun nnnm mmm nnnn uuu nnnn mmu nnnu mmmn uun nnnm mmm nnnn uuu nnnn mmu nnnu mmmn uun nnnm mmm nnnn uuu nnnn mmu nnnu mmmn uun nnnm
mmm nnnn uuu nnnn mmu nnnu mmmn uun nnnm mmm nnnn uuu nnnn mmu nnnu mmmn uun nnnm mmm nnnn uuu nnnn mmu nnnu mmmn uun nnnm mmm nnnn uuu nnnn mmu nnnu mmmn uun nnnm mmm nnnn uuu nnnn mmu nnnu mmmn uun nnnm mmm nnnn uuu nnnn mmu nnnu mmmn uun nnnm mmm nnnn uuu nnnn mmu nnnu mmmn uun nnnm mmm nnnn uuu nnnn mmu nnnu mmmn uun nnnm mmm nnnn uuu nnnn mmu nnnu mmmn uun nnnm mmm nnnn uuu nnnn mmu nnnu mmmn uun nnnm mmm nnnn uuu nnnn mmu nnnu mmmn uun nnnm mmm nnnn uuu nnnn mmu nnnu mmmn uun nnnm mmm nnnn uuu nnnn mmu nnnu mmmn uun nnnm mmm nnnn uuu nnnn mmu nnnu mmmn uun nnnm mmm nnnn uuu nnnn mmu nnnu mmmn uun nnnm mmm nnnn uuu nnnn mmu nnnu mmmn uun nnnm mmm nnnn uuu nnnn mmu nnnu mmmn uun nnnm mmm nnnn uuu nnnn mmu nnnu mmmn uun nnnm mmm nnnn uuu nnnn mmu nnnu mmmn uun nnnm mmm nnnn uuu nnnn mmu nnnu mmmn uun nnnm mmm nnnn uuu nnnn mmu nnnu mmmn uun nnnm mmm nnnn uuu nnnn mmu nnnu mmmn uun nnnm mmm nnnn uuu nnnn mmu nnnu mmmn uun nnnm mmm nnnn uuu nnnn mmu nnnu mmmn uun nnnm
OUR DAIRIES.
No. 8.—Mr Narbey's, at Long Bay.
mmm nnnn uuu nnnn mmu nnnu mmmn uun nnnm mmm nnnn uuu nnnn mmu nnnu mmmn uun nnnm mmm nnnn uuu nnnn mmu nnnu mmmn uun nnnm mmm nnnn uuu nnnn mmu nnnu mmmn uun nnnm mmm nnnn uuu nnnn mmu nnnu mmmn uun nnnm mmm nnnn uuu nnnn mmu nnnu mmmn uun nnnm mmm nnnn uuu nnnn mmu nnnu mmmn uun nnnm mmm nnnn uuu nnnn mmu nnnu mmmn uun nnnm mmm nnnn uuu nnnn mmu nnnu mmmn uun nnnm mmm nnnn uuu nnnn mmu nnnu mmmn uun nnnm mmm nnnn uuu nnnn mmu nnnu mmmn uun nnnm mmm nnnn uuu nnnn mmu nnnu mmmn uun nnnm mmm nnnn uuu nnnn mmu nnnu mmmn uun nnnm mmm nnnn uuu nnnn mmu nnnu mmmn uun nnnm mmm nnnn uuu nnnn mmu nnnu mmmn uun nnnm mmm nnnn uuu nnnn mmu nnnu mmmn uun nnnm mmm nnnn uuu nnnn mmu nnnu mmmn uun nnnm mmm nnnn uuu nnnn mmu nnnu mmmn uun nnnm mmm nnnn uuu nnnn mmu nnnu mmmn uun nnnm mmm nnnn uuu nnnn mmu nnnu mmmn uun nnnm mmm nnnn uuu nnnn mmu nnnu mmmn uun nnnm mmm nnnn uuu nnnn mmu nnnu mmmn uun nnnm mmm nnnn uuu nnnn mmu nnnu mmmn uun nnnm mmm nnnn uuu nnnn mmu nnnu mmmn uun nnnm
mmm nnnn uuu nnnn mmu nnnu mmmn uun nnnm mmm nnnn uuu nnnn mmu nnnu mmmn uun nnnm mmm nnnn uuu nnnn mmu nnnu mmmn uun nnnm mmm nnnn uuu nnnn mmu nnnu mmmn uun nnnm mmm nnnn uuu nnnn mmu nnnu mmmn uun nnnm mmm nnnn uuu nnnn mmu nnnu mmmn uun nnnm mmm nnnn uuu nnnn mmu nnnu mmmn uun nnnm mmm nnnn uuu nnnn mmu nnnu mmmn uun nnnm mmm nnnn uuu nnnn mmu nnnu mmmn uun nnnm mmm nnnn uuu nnnn mmu nnnu mmmn uun nnnm mmm nnnn uuu nnnn mmu nnnu mmmn uun nnnm mmm nnnn uuu nnnn mmu nnnu mmmn uun nnnm mmm nnnn uuu nnnn mmu nnnu mmmn uun nnnm mmm nnnn uuu nnnn mmu nnnu mmmn uun nnnm mmm nnnn uuu nnnn mmu nnnu mmmn uun nnnm mmm nnnn uuu nnnn mmu nnnu mmmn uun nnnm mmm nnnn uuu nnnn mmu nnnu mmmn uun nnnm mmm nnnn uuu nnnn mmu nnnu mmmn uun nnnm mmm nnnn uuu nnnn mmu nnnu mmmn uun nnnm mmm nnnn uuu nnnn mmu nnnu mmmn uun nnnm mmm nnnn uuu nnnn mmu nnnu mmmn uun nnnm mmm nnnn uuu nnnn mmu nnnu mmmn uun nnnm mmm nnnn uuu nnnn mmu nnnu mmmn uun nnnm mmm nnnn uuu nnnn mmu nnnu mmmn uun nnnm
mmm nnnn uuu nnnn mmu nnnu mmmn uun nnnm mmm nnnn uuu nnnn mmu nnnu mmmn uun nnnm mmm nnnn uuu nnnn mmu nnnu mmmn uun nnnm mmm nnnn uuu nnnn mmu nnnu mmmn uun nnnm mmm nnnn uuu nnnn mmu nnnu mmmn uun nnnm mmm nnnn uuu nnnn mmu nnnu mmmn uun nnnm mmm nnnn uuu nnnn mmu nnnu mmmn uun nnnm mmm nnnn uuu nnnn mmu nnnu mmmn uun nnnm mmm nnnn uuu nnnn mmu nnnu mmmn uun nnnm mmm nnnn uuu nnnn mmu nnnu mmmn uun nnnm mmm nnnn uuu nnnn mmu nnnu mmmn uun nnnm mmm nnnn uuu nnnn mmu nnnu mmmn uun nnnm mmm nnnn uuu nnnn mmu nnnu mmmn uun nnnm mmm nnnn uuu nnnn mmu nnnu mmmn uun nnnm mmm nnnn uuu nnnn mmu nnnu mmmn uun nnnm mmm nnnn uuu nnnn mmu nnnu mmmn uun nnnm mmm nnnn uuu nnnn mmu nnnu mmmn uun nnnm mmm nnnn uuu nnnn mmu nnnu mmmn uun nnnm mmm nnnn uuu nnnn mmu nnnu mmmn uun nnnm mmm nnnn uuu nnnn mmu nnnu mmmn uun nnnm mmm nnnn uuu nnnn mmu nnnu mmmn uun nnnm mmm nnnn uuu nnnn mmu nnnu mmmn uun nnnm mmm nnnn uuu nnnn mmu nnnu mmmn uun nnnm mmm nnnn uuu nnnn mmu nnnu mmmn uun nnnm
mmm nnnn uuu nnnn mmu nnnu mmmn uun nnnm mmm nnnn uuu nnnn mmu nnnu mmmn uun nnnm mmm nnnn uuu nnnn mmu nnnu mmmn uun nnnm mmm nnnn uuu nnnn mmu nnnu mmmn uun nnnm mmm nnnn uuu nnnn mmu nnnu mmmn uun nnnm mmm nnnn uuu nnnn mmu nnnu mmmn uun nnnm mmm nnnn uuu nnnn mmu nnnu mmmn uun nnnm mmm nnnn uuu nnnn mmu nnnu mmmn uun nnnm mmm nnnn uuu nnnn mmu nnnu mmmn uun nnnm mmm nnnn uuu nnnn mmu nnnu mmmn uun nnnm mmm nnnn uuu nnnn mmu nnnu mmmn uun nnnm mmm nnnn uuu nnnn mmu nnnu mmmn uun nnnm mmm nnnn uuu nnnn mmu nnnu mmmn uun nnnm mmm nnnn uuu nnnn mmu nnnu mmmn uun nnnm
CHESS.
mmm nnnn uuu nnnn mmu nnnu mmmn uun nnnm mmm nnnn uuu nnnn mmu nnnu mmmn uun nnnm mmm nnnn uuu nnnn mmu nnnu mmmn uun nnnm
Cochrane Gambit.
White, Messrs Wilkins and Jacobson.
Black, Messrs S. Watkins and Wiggins.
1	P to K 4	P to K 4
2	P to K B 4	P takes P
3	Kt to K B 3	P to K Kt 4
4	B to Q B 4	P to K Kt 5
5	Kt to K 5	Q to R 5 ch
6	K to B sq	P to B 6
7	P to Q 4	Kt to K B 3
8	Q to Q 3	P to Q 3
9	Kt to Q B 3	Kt to B 3
10	B to B 4	Kt to K 4
11	Kt to K 2	B takes Kt
12	Q to Q 3	Kt to Q 5
13	P to K R 3	Castles
14	Kt takes P	Kt takes B
15	Q to Q Kt 3	P takes P
16	Kt to K B 3	B to Q B 4
SERICULTURE.
(Continued.)
mmm nnnn uuu nnnn mmu nnnu mmmn uun nnnm mmm nnnn uuu nnnn mmu nnnu mmmn uun nnnm mmm nnnn uuu nnnn mmu nnnu mmmn uun nnnm mmm nnnn uuu nnnn mmu nnnu mmmn uun nnnm mmm nnnn uuu nnnn mmu nnnu mmmn uun nnnm mmm nnnn uuu nnnn mmu nnnu mmmn uun nnnm mmm nnnn uuu nnnn mmu nnnu mmmn uun nnnm mmm nnnn uuu nnnn mmu nnnu mmmn uun nnnm mmm nnnn uuu nnnn mmu nnnu mmmn uun nnnm mmm nnnn uuu nnnn mmu nnnu mmmn uun nnnm mmm nnnn uuu nnnn mmu nnnu mmmn uun nnnm mmm nnnn uuu nnnn mmu nnnu mmmn uun nnnm mmm nnnn uuu nnnn mmu nnnu mmmn uun nnnm mmm nnnn uuu nnnn mmu nnnu mmmn uun nnnm mmm nnnn uuu nnnn mmu nnnu mmmn uun nnnm mmm nnnn uuu nnnn mmu nnnu mmmn uun nnnm mmm nnnn uuu nnnn mmu nnnu mmmn uun nnnm mmm nnnn uuu nnnn mmu nnnu mmmn uun nnnm mmm nnnn uuu nnnn mmu nnnu mmmn uun nnnm mmm nnnn uuu nnnn mmu nnnu mmmn uun nnnm mmm nnnn uuu nnnn mmu nnnu mmmn uun nnnm mmm nnnn uuu nnnn mmu nnnu mmmn uun nnnm mmm nnnn uuu nnnn mmu nnnu mmmn uun nnnm mmm nnnn uuu nnnn mmu nnnu mmmn uun nnnm
mmm nnnn uuu nnnn mmu nnnu mmmn uun nnnm mmm nnnn uuu nnnn mmu nnnu mmmn uun nnnm mmm nnnn uuu nnnn mmu nnnu mmmn uun nnnm mmm nnnn uuu nnnn mmu nnnu mmmn uun nnnm mmm nnnn uuu nnnn mmu nnnu mmmn uun nnnm mmm nnnn uuu nnnn mmu nnnu mmmn uun nnnm mmm nnnn uuu nnnn mmu nnnu mmmn uun nnnm mmm nnnn uuu nnnn mmu nnnu mmmn uun nnnm mmm nnnn uuu nnnn mmu nnnu mmmn uun nnnm mmm nnnn uuu nnnn mmu nnnu mmmn uun nnnm mmm nnnn uuu nnnn mmu nnnu mmmn uun nnnm mmm nnnn uuu nnnn mmu nnnu mmmn uun nnnm mmm nnnn uuu nnnn mmu nnnu mmmn uun nnnm mmm nnnn uuu nnnn mmu nnnu mmmn uun nnnm
mmm nnnn uuu nnnn mmu nnnu mmmn uun nnnm mmm nnnn uuu nnnn mmu nnnu mmmn uun nnnm mmm nnnn uuu nnnn mmu nnnu mmmn uun nnnm mmm nnnn uuu nnnn mmu nnnu mmmn uun nnnm mmm nnnn uuu nnnn mmu nnnu mmmn uun nnnm mmm nnnn uuu nnnn mmu nnnu mmmn uun nnnm mmm nnnn uuu nnnn mmu nnnu mmmn uun nnnm mmm nnnn uuu nnnn mmu nnnu mmmn uun nnnm mmm nnnn uuu nnnn mmu nnnu mmmn uun nnnm mmm nnnn uuu nnnn mmu nnnu mmmn uun nnnm mmm nnnn uuu nnnn mmu nnnu mmmn uun nnnm mmm nnnn uuu nnnn mmu nnnu mmmn uun nnnm mmm nnnn uuu nnnn mmu nnnu mmmn uun nnnm mmm nnnn uuu nnnn mmu nnnu mmmn uun nnnm mmm nnnn uuu nnnn mmu nnnu mmmn uun nnnm mmm nnnn uuu nnnn mmu nnnu mmmn uun nnnm mmm nnnn uuu nnnn mmu nnnu mmmn uun nnnm mmm nnnn uuu nnnn mmu nnnu mmmn uun nnnm mmm nnnn uuu nnnn mmu nnnu mmmn uun nnnm mmm nnnn uuu nnnn mmu nnnu mmmn uun nnnm mmm nnnn uuu nnnn mmu nnnu mmmn uun nnnm mmm nnnn uuu nnnn mmu nnnu mmmn uun nnnm mmm nnnn uuu nnnn mmu nnnu mmmn uun nnnm mmm nnnn uuu nnnn mmu nnnu mmmn uun nnnm
mmm nnnn uuu nnnn mmu nnnu mmmn uun nnnm mmm nnnn uuu nnnn mmu nnnu mmmn uun nnnm mmm nnnn uuu nnnn mmu nnnu mmmn uun nnnm mmm nnnn uuu nnnn mmu nnnu mmmn uun nnnm mmm nnnn uuu nnnn mmu nnnu mmmn uun nnnm mmm nnnn uuu nnnn mmu nnnu mmmn uun nnnm mmm nnnn uuu nnnn mmu nnnu mmmn uun nnnm mmm nnnn uuu nnnn mmu nnnu mmmn uun nnnm mmm nnnn uuu nnnn mmu nnnu mmmn uun nnnm mmm nnnn uuu nnnn mmu nnnu mmmn uun nnnm mmm nnnn uuu nnnn mmu nnnu mmmn uun nnnm mmm nnnn uuu nnnn mmu nnnu mmmn uun nnnm mmm nnnn uuu nnnn mmu nnnu mmmn uun nnnm mmm nnnn uuu nnnn mmu nnnu mmmn uun nnnm mmm nnnn uuu nnnn mmu nnnu mmmn uun nnnm mmm nnnn uuu nnnn mmu nnnu mmmn uun nnnm mmm nnnn uuu nnnn mmu nnnu mmmn uun nnnm mmm nnnn uuu nnnn mmu nnnu mmmn uun nnnm mmm nnnn uuu nnnn mmu nnnu mmmn uun nnnm mmm nnnn uuu nnnn mmu nnnu mmmn uun nnnm mmm nnnn uuu nnnn mmu nnnu mmmn uun nnnm mmm nnnn uuu nnnn mmu nnnu mmmn uun nnnm mmm nnnn uuu nnnn mmu nnnu mmmn uun nnnm mmm nnnn uuu nnnn mmu nnnu mmmn uun nnnm
mmm nnnn uuu nnnn mmu nnnu mmmn uun nnnm mmm nnnn uuu nnnn mmu nnnu mmmn uun nnnm mmm nnnn uuu nnnn mmu nnnu mmmn uun nnnm mmm nnnn uuu nnnn mmu nnnu mmmn uun nnnm mmm nnnn uuu nnnn mmu nnnu mmmn uun nnnm mmm nnnn uuu nnnn mmu nnnu mmmn uun nnnm mmm nnnn uuu nnnn mmu nnnu mmmn uun nnnm mmm nnnn uuu nnnn mmu nnnu mmmn uun nnnm mmm nnnn uuu nnnn mmu nnnu mmmn uun nnnm mmm nnnn uuu nnnn mmu nnnu mmmn uun nnnm mmm nnnn uuu nnnn mmu nnnu mmmn uun nnnm mmm nnnn uuu nnnn mmu nnnu mmmn uun nnnm mmm nnnn uuu nnnn mmu nnnu mmmn uun nnnm mmm nnnn uuu nnnn mmu nnnu mmmn uun nnnm mmm nnnn uuu nnnn mmu nnnu mmmn uun nnnm mmm nnnn uuu nnnn mmu nnnu mmmn uun nnnm mmm nnnn uuu nnnn mmu nnnu mmmn uun nnnm mmm nnnn uuu nnnn mmu nnnu mmmn uun nnnm mmm nnnn uuu nnnn mmu nnnu mmmn uun nnnm mmm nnnn uuu nnnn mmu nnnu mmmn uun nnnm mmm nnnn uuu nnnn mmu nnnu mmmn uun nnnm mmm nnnn uuu nnnn mmu nnnu mmmn uun nnnm mmm nnnn uuu nnnn mmu nnnu mmmn uun nnnm mmm nnnn uuu nnnn mmu nnnu mmmn uun nnnm
mmm nnnn uuu nnnn mmu nnnu mmmn uun nnnm mmm nnnn uuu nnnn mmu nnnu mmmn uun nnnm mmm nnnn uuu nnnn mmu nnnu mmmn uun nnnm mmm nnnn uuu nnnn mmu nnnu mmmn uun nnnm mmm nnnn uuu nnnn mmu nnnu mmmn uun nnnm mmm nnnn uuu nnnn mmu nnnu mmmn uun nnnm mmm nnnn uuu nnnn mmu nnnu mmmn uun nnnm mmm nnnn uuu nnnn mmu nnnu mmmn uun nnnm mmm nnnn uuu nnnn mmu nnnu mmmn uun nnnm mmm nnnn uuu nnnn mmu nnnu mmmn uun nnnm mmm nnnn uuu nnnn mmu nnnu mmmn uun nnnm mmm nnnn uuu nnnn mmu nnnu mmmn uun nnnm mmm nnnn uuu nnnn mmu nnnu mmmn uun nnnm mmm nnnn uuu nnnn mmu nnnu mmmn uun nnnm mmm nnnn uuu nnnn mmu nnnu mmmn uun nnnm mmm nnnn uuu nnnn mmu nnnu mmmn uun nnnm mmm nnnn uuu nnnn mmu nnnu mmmn uun nnnm mmm nnnn uuu nnnn mmu nnnu mmmn uun nnnm mmm nnnn uuu nnnn mmu nnnu mmmn uun nnnm mmm nnnn uuu nnnn mmu nnnu mmmn uun nnnm mmm nnnn uuu nnnn mmu nnnu mmmn uun nnnm mmm nnnn uuu nnnn mmu nnnu mmmn uun nnnm mmm nnnn uuu nnnn mmu nnnu mmmn uun nnnm mmm nnnn uuu nnnn mmu nnnu mmmn uun nnnm
mmm nnnn uuu nnnn mmu nnnu mmmn uun nnnm mmm nnnn uuu nnnn mmu nnnu mmmn uun nnnm mmm nnnn uuu nnnn mmu nnnu mmmn uun nnnm mmm nnnn uuu nnnn mmu nnnu mmmn uun nnnm mmm nnnn uuu nnnn mmu nnnu mmmn uun nnnm mmm nnnn uuu nnnn mmu nnnu mmmn uun nnnm mmm nnnn uuu nnnn mmu nnnu mmmn uun nnnm mmm nnnn uuu nnnn mmu nnnu mmmn uun nnnm mmm nnnn uuu nnnn mmu nnnu mmmn uun nnnm mmm nnnn uuu nnnn mmu nnnu mmmn uun nnnm mmm nnnn uuu nnnn mmu nnnu mmmn uun nnnm mmm nnnn uuu nnnn mmu nnnu mmmn uun nnnm mmm nnnn uuu nnnn mmu nnnu mmmn uun nnnm mmm nnnn uuu nnnn mmu nnnu mmmn uun nnnm mmm nnnn uuu nnnn mmu nnnu mmmn uun nnnm mmm nnnn uuu nnnn mmu nnnu mmmn uun nnnm mmm nnnn uuu nnnn mmu nnnu mmmn uun nnnm mmm nnnn uuu nnnn mmu nnnu mmmn uun nnnm mmm nnnn uuu nnnn mmu nnnu mmmn uun nnnm mmm nnnn uuu nnnn mmu nnnu mmmn uun nnnm mmm nnnn uuu nnnn mmu nnnu mmmn uun nnnm mmm nnnn uuu nnnn mmu nnnu mmmn uun nnnm mmm nnnn uuu nnnn mmu nnnu mmmn uun nnnm mmm nnnn uuu nnnn mmu nnnu mmmn uun nnnm
mmm nnnn uuu nnnn mmu nnnu mmmn uun nnnm mmm nnnn uuu nnnn mmu nnnu mmmn uun nnnm mmm nnnn uuu nnnn mmu nnnu mmmn uun nnnm mmm nnnn uuu nnnn mmu nnnu mmmn uun nnnm mmm nnnn uuu nnnn mmu nnnu mmmn uun nnnm mmm nnnn uuu nnnn mmu nnnu mmmn uun nnnm mmm nnnn uuu nnnn mmu nnnu mmmn uun nnnm mmm nnnn uuu nnnn mmu nnnu mmmn uun nnnm mmm nnnn uuu nnnn mmu nnnu mmmn uun nnnm mmm nnnn uuu nnnn mmu nnnu mmmn uun nnnm mmm nnnn uuu nnnn mmu nnnu mmmn uun nnnm mmm nnnn uuu nnnn mmu nnnu mmmn uun nnnm mmm nnnn uuu nnnn mmu nnnu mmmn uun nnnm mmm nnnn uuu nnnn mmu nnnu mmmn uun nnnm mmm nnnn uuu nnnn mmu nnnu mmmn uun nnnm mmm nnnn uuu nnnn mmu nnnu mmmn uun nnnm mmm nnnn uuu nnnn mmu nnnu mmmn uun nnnm mmm nnnn uuu nnnn mmu nnnu mmmn uun nnnm mmm nnnn uuu nnnn mmu nnnu mmmn uun nnnm mmm nnnn uuu nnnn mmu nnnu mmmn uun nnnm mmm nnnn uuu nnnn mmu nnnu mmmn uun nnnm mmm nnnn uuu nnnn mmu nnnu mmmn uun nnnm mmm nnnn uuu nnnn mmu nnnu mmmn uun nnnm mmm nnnn uuu nnnn mmu nnnu mmmn uun nnnm
mmm nnnn uuu nnnn mmu nnnu mmmn uun nnnm mmm nnnn uuu nnnn mmu nnnu mmmn uun nnnm mmm nnnn uuu nnnn mmu nnnu mmmn uun nnnm mmm nnnn uuu nnnn mmu nnnu mmmn uun nnnm mmm nnnn uuu nnnn mmu nnnu mmmn uun nnnm mmm nnnn uuu nnnn mmu nnnu mmmn uun nnnm mmm nnnn uuu nnnn mmu nnnu mmmn uun nnnm mmm nnnn uuu nnnn mmu nnnu mmmn uun nnnm mmm nnnn uuu nnnn mmu nnnu mmmn uun nnnm mmm nnnn uuu nnnn mmu nnnu mmmn uun nnnm mmm nnnn uuu nnnn mmu nnnu mmmn uun nnnm mmm nnnn uuu nnnn mmu nnnu mmmn uun nnnm mmm nnnn uuu nnnn mmu nnnu mmmn uun nnnm mmm nnnn uuu nnnn mmu nnnu mmmn uun nnnm mmm nnnn uuu nnnn mmu nnnu mmmn uun nnnm mmm nnnn uuu nnnn mmu nnnu mmmn uun nnnm mmm nnnn uuu nnnn mmu nnnu mmmn uun nnnm mmm nnnn uuu nnnn mmu nnnu mmmn uun nnnm mmm nnnn uuu nnnn mmu nnnu mmmn uun nnnm mmm nnnn uuu nnnn mmu nnnu mmmn uun nnnm mmm nnnn uuu nnnn mmu nnnu mmmn uun nnnm mmm nnnn uuu nnnn mmu nnnu mmmn uun nnnm mmm nnnn uuu nnnn mmu nnnu mmmn uun nnnm mmm nnnn uuu nnnn mmu nnnu mmmn uun nnnm
mmm nnnn uuu nnnn mmu nnnu mmmn uun nnnm mmm nnnn uuu nnnn mmu nnnu mmmn uun nnnm mmm nnnn uuu nnnn mmu nnnu mmmn uun nnnm mmm nnnn uuu nnnn mmu nnnu mmmn uun nnnm mmm nnnn uuu nnnn mmu nnnu mmmn uun nnnm mmm nnnn uuu nnnn mmu nnnu mmmn uun nnnm mmm nnnn uuu nnnn mmu nnnu mmmn uun nnnm mmm nnnn uuu nnnn mmu nnnu mmmn uun nnnm mmm nnnn uuu nnnn mmu nnnu mmmn uun nnnm mmm nnnn uuu nnnn mmu nnnu mmmn uun nnnm mmm nnnn uuu nnnn mmu nnnu mmmn uun nnnm mmm nnnn uuu nnnn mmu nnnu mmmn uun nnnm mmm nnnn uuu nnnn mmu nnnu mmmn uun nnnm mmm nnnn uuu nnnn mmu nnnu mmmn uun nnnm
(To be continued.)
Original Correspondence.
We are at all times ready to give expression to every shade of opinion, but in no case do we hold ourselves responsible for the views advocated by our correspondents.
WHARF CHARGES.
To the Editor.
mmm nnnn uuu nnnn mmu nnnu mmmn uun nnnm mmm nnnn uuu nnnn mmu nnnu mmmn uun nnnm mmm nnnn uuu nnnn mmu nnnu mmmn uun nnnm mmm nnnn uuu nnnn mmu nnnu mmmn uun nnnm mmm nnnn uuu nnnn mmu nnnu mmmn uun nnnm mmm nnnn uuu nnnn mmu nnnu mmmn uun nnnm mmm nnnn uuu nnnn mmu nnnu mmmn uun nnnm mmm nnnn uuu nnnn mmu nnnu mmmn uun nnnm mmm nnnn uuu nnnn mmu nnnu mmmn uun nnnm mmm nnnn uuu nnnn mmu nnnu mmmn uun nnnm mmm nnnn uuu nnnn mmu nnnu mmmn uun nnnm mmm nnnn uuu nnnn mmu nnnu mmmn uun nnnm mmm nnnn uuu nnnn mmu nnnu mmmn uun nnnm mmm nnnn uuu nnnn mmu nnnu mmmn uun nnnm
THE COMING LICENSING ELECTION.
To the Editor.
mmm nnnn uuu nnnn mmu nnnu mmmn uun nnnm mmm nnnn uuu nnnn mmu nnnu mmmn uun nnnm mmm nnnn uuu nnnn mmu nnnu mmmn uun nnnm mmm nnnn uuu nnnn mmu nnnu mmmn uun nnnm mmm nnnn uuu nnnn mmu nnnu mmmn uun nnnm mmm nnnn uuu nnnn mmu nnnu mmmn uun nnnm
FAIR PLAY.
Tai Tapu, Feb. 20, 1882.
To the Editor.
mmm nnnn uuu nnnn mmu nnnu mmmn uun nnnm mmm nnnn uuu nnnn mmu nnnu mmmn uun nnnm mmm nnnn uuu nnnn mmu nnnu mmmn uun nnnm mmm nnnn uuu nnnn mmu nnnu mmmn uun nnnm mmm nnnn uuu nnnn mmu nnnu mmmn uun nnnm mmm nnnn uuu nnnn mmu nnnu mmmn uun nnnm mmm nnnn uuu nnnn mmu nnnu mmmn uun nnnm mmm nnnn uuu nnnn mmu nnnu mmmn uun nnnm mmm nnnn uuu nnnn mmu nnnu mmmn uun nnnm mmm nnnn uuu nnnn mmu nnnu mmmn uun nnnm mmm nnnn uuu nnnn mmu nnnu mmmn uun nnnm mmm nnnn uuu nnnn mmu nnnu mmmn uun nnnm mmm nnnn uuu nnnn mmu nnnu mmmn uun nnnm mmm nnnn uuu nnnn mmu nnnu mmmn uun nnnm
